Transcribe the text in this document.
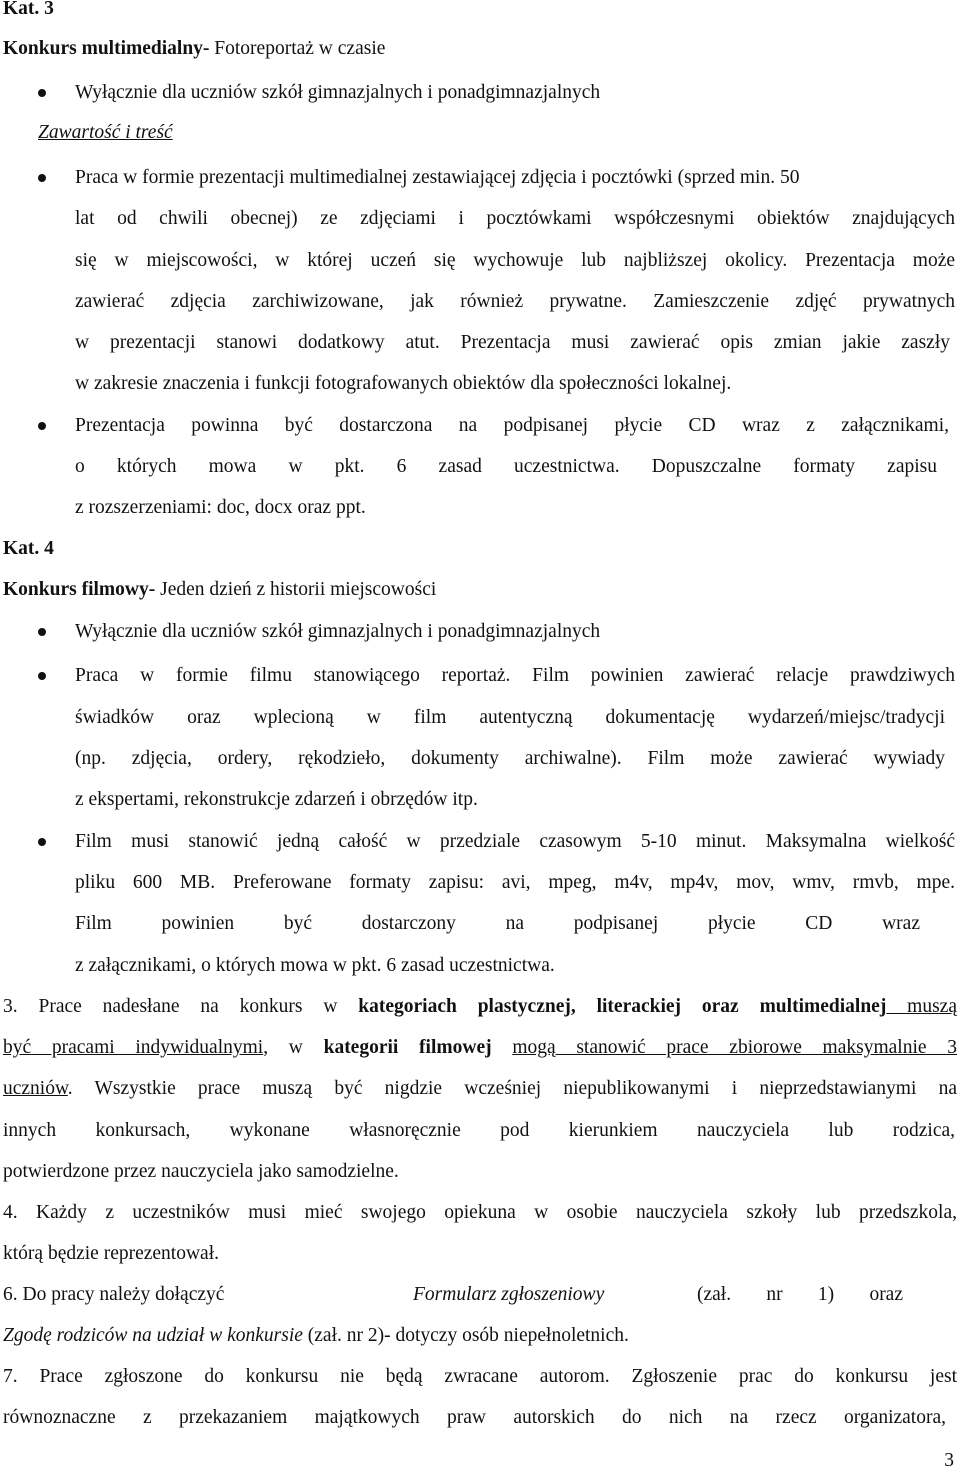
Kat. 3
Konkurs multimedialny- Fotoreportaż w czasie
Wyłącznie dla uczniów szkół gimnazjalnych i ponadgimnazjalnych
Zawartość i treść
Praca w formie prezentacji multimedialnej zestawiającej zdjęcia i pocztówki (sprzed min. 50
lat od chwili obecnej) ze zdjęciami i pocztówkami współczesnymi obiektów znajdujących
się w miejscowości, w której uczeń się wychowuje lub najbliższej okolicy. Prezentacja może
zawierać zdjęcia zarchiwizowane, jak również prywatne. Zamieszczenie zdjęć prywatnych
w prezentacji stanowi dodatkowy atut. Prezentacja musi zawierać opis zmian jakie zaszły
w zakresie znaczenia i funkcji fotografowanych obiektów dla społeczności lokalnej.
Prezentacja powinna być dostarczona na podpisanej płycie CD wraz z załącznikami,
o których mowa w pkt. 6 zasad uczestnictwa. Dopuszczalne formaty zapisu
z rozszerzeniami: doc, docx oraz ppt.
Kat. 4
Konkurs filmowy- Jeden dzień z historii miejscowości
Wyłącznie dla uczniów szkół gimnazjalnych i ponadgimnazjalnych
Praca w formie filmu stanowiącego reportaż. Film powinien zawierać relacje prawdziwych
świadków oraz wplecioną w film autentyczną dokumentację wydarzeń/miejsc/tradycji
(np. zdjęcia, ordery, rękodzieło, dokumenty archiwalne). Film może zawierać wywiady
z ekspertami, rekonstrukcje zdarzeń i obrzędów itp.
Film musi stanowić jedną całość w przedziale czasowym 5-10 minut. Maksymalna wielkość
pliku 600 MB. Preferowane formaty zapisu: avi, mpeg, m4v, mp4v, mov, wmv, rmvb, mpe.
Film powinien być dostarczony na podpisanej płycie CD wraz
z załącznikami, o których mowa w pkt. 6 zasad uczestnictwa.
3. Prace nadesłane na konkurs w kategoriach plastycznej, literackiej oraz multimedialnej muszą
być pracami indywidualnymi, w kategorii filmowej mogą stanowić prace zbiorowe maksymalnie 3
uczniów. Wszystkie prace muszą być nigdzie wcześniej niepublikowanymi i nieprzedstawianymi na
innych konkursach, wykonane własnoręcznie pod kierunkiem nauczyciela lub rodzica,
potwierdzone przez nauczyciela jako samodzielne.
4. Każdy z uczestników musi mieć swojego opiekuna w osobie nauczyciela szkoły lub przedszkola,
którą będzie reprezentował.
6. Do pracy należy dołączyć	Formularz zgłoszeniowy	(zał. nr 1) oraz
Zgodę rodziców na udział w konkursie (zał. nr 2)- dotyczy osób niepełnoletnich.
7. Prace zgłoszone do konkursu nie będą zwracane autorom. Zgłoszenie prac do konkursu jest
równoznaczne z przekazaniem majątkowych praw autorskich do nich na rzecz organizatora,
3
